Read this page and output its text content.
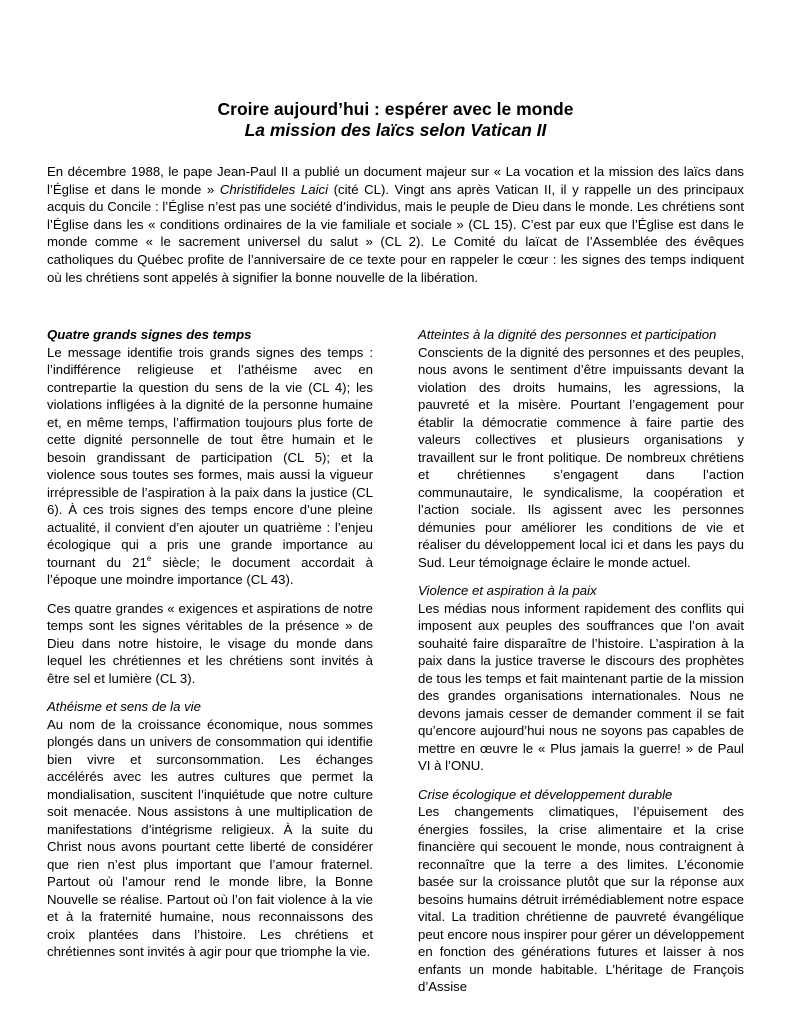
Croire aujourd’hui : espérer avec le monde
La mission des laïcs selon Vatican II
En décembre 1988, le pape Jean-Paul II a publié un document majeur sur « La vocation et la mission des laïcs dans l’Église et dans le monde » Christifideles Laici (cité CL). Vingt ans après Vatican II, il y rappelle un des principaux acquis du Concile : l’Église n’est pas une société d’individus, mais le peuple de Dieu dans le monde. Les chrétiens sont l’Église dans les « conditions ordinaires de la vie familiale et sociale » (CL 15). C’est par eux que l’Église est dans le monde comme « le sacrement universel du salut » (CL 2). Le Comité du laïcat de l’Assemblée des évêques catholiques du Québec profite de l’anniversaire de ce texte pour en rappeler le cœur : les signes des temps indiquent où les chrétiens sont appelés à signifier la bonne nouvelle de la libération.

Quatre grands signes des temps
Le message identifie trois grands signes des temps : l’indifférence religieuse et l’athéisme avec en contrepartie la question du sens de la vie (CL 4); les violations infligées à la dignité de la personne humaine et, en même temps, l’affirmation toujours plus forte de cette dignité personnelle de tout être humain et le besoin grandissant de participation (CL 5); et la violence sous toutes ses formes, mais aussi la vigueur irrépressible de l’aspiration à la paix dans la justice (CL 6). À ces trois signes des temps encore d’une pleine actualité, il convient d’en ajouter un quatrième : l’enjeu écologique qui a pris une grande importance au tournant du 21e siècle; le document accordait à l’époque une moindre importance (CL 43).

Ces quatre grandes « exigences et aspirations de notre temps sont les signes véritables de la présence » de Dieu dans notre histoire, le visage du monde dans lequel les chrétiennes et les chrétiens sont invités à être sel et lumière (CL 3).

Athéisme et sens de la vie
Au nom de la croissance économique, nous sommes plongés dans un univers de consommation qui identifie bien vivre et surconsommation. Les échanges accélérés avec les autres cultures que permet la mondialisation, suscitent l’inquiétude que notre culture soit menacée. Nous assistons à une multiplication de manifestations d’intégrisme religieux. À la suite du Christ nous avons pourtant cette liberté de considérer que rien n’est plus important que l’amour fraternel. Partout où l’amour rend le monde libre, la Bonne Nouvelle se réalise. Partout où l’on fait violence à la vie et à la fraternité humaine, nous reconnaissons des croix plantées dans l’histoire. Les chrétiens et chrétiennes sont invités à agir pour que triomphe la vie.

Atteintes à la dignité des personnes et participation
Conscients de la dignité des personnes et des peuples, nous avons le sentiment d’être impuissants devant la violation des droits humains, les agressions, la pauvreté et la misère. Pourtant l’engagement pour établir la démocratie commence à faire partie des valeurs collectives et plusieurs organisations y travaillent sur le front politique. De nombreux chrétiens et chrétiennes s’engagent dans l’action communautaire, le syndicalisme, la coopération et l’action sociale. Ils agissent avec les personnes démunies pour améliorer les conditions de vie et réaliser du développement local ici et dans les pays du Sud. Leur témoignage éclaire le monde actuel.

Violence et aspiration à la paix
Les médias nous informent rapidement des conflits qui imposent aux peuples des souffrances que l’on avait souhaité faire disparaître de l’histoire. L’aspiration à la paix dans la justice traverse le discours des prophètes de tous les temps et fait maintenant partie de la mission des grandes organisations internationales. Nous ne devons jamais cesser de demander comment il se fait qu’encore aujourd’hui nous ne soyons pas capables de mettre en œuvre le « Plus jamais la guerre! » de Paul VI à l’ONU.

Crise écologique et développement durable
Les changements climatiques, l’épuisement des énergies fossiles, la crise alimentaire et la crise financière qui secouent le monde, nous contraignent à reconnaître que la terre a des limites. L’économie basée sur la croissance plutôt que sur la réponse aux besoins humains détruit irrémédiablement notre espace vital. La tradition chrétienne de pauvreté évangélique peut encore nous inspirer pour gérer un développement en fonction des générations futures et laisser à nos enfants un monde habitable. L’héritage de François d’Assise
